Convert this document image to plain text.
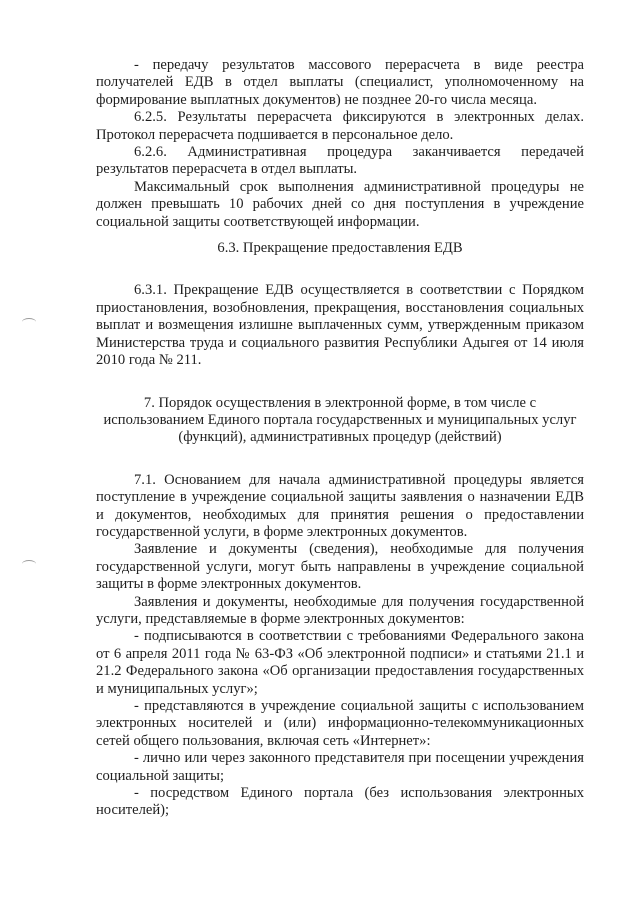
- передачу результатов массового перерасчета в виде реестра получателей ЕДВ в отдел выплаты (специалист, уполномоченному на формирование выплатных документов) не позднее 20-го числа месяца.

6.2.5. Результаты перерасчета фиксируются в электронных делах. Протокол перерасчета подшивается в персональное дело.

6.2.6. Административная процедура заканчивается передачей результатов перерасчета в отдел выплаты.

Максимальный срок выполнения административной процедуры не должен превышать 10 рабочих дней со дня поступления в учреждение социальной защиты соответствующей информации.

6.3. Прекращение предоставления ЕДВ

6.3.1. Прекращение ЕДВ осуществляется в соответствии с Порядком приостановления, возобновления, прекращения, восстановления социальных выплат и возмещения излишне выплаченных сумм, утвержденным приказом Министерства труда и социального развития Республики Адыгея от 14 июля 2010 года № 211.

7. Порядок осуществления в электронной форме, в том числе с использованием Единого портала государственных и муниципальных услуг (функций), административных процедур (действий)

7.1. Основанием для начала административной процедуры является поступление в учреждение социальной защиты заявления о назначении ЕДВ и документов, необходимых для принятия решения о предоставлении государственной услуги, в форме электронных документов.

Заявление и документы (сведения), необходимые для получения государственной услуги, могут быть направлены в учреждение социальной защиты в форме электронных документов.

Заявления и документы, необходимые для получения государственной услуги, представляемые в форме электронных документов:

- подписываются в соответствии с требованиями Федерального закона от 6 апреля 2011 года № 63-ФЗ «Об электронной подписи» и статьями 21.1 и 21.2 Федерального закона «Об организации предоставления государственных и муниципальных услуг»;

- представляются в учреждение социальной защиты с использованием электронных носителей и (или) информационно-телекоммуникационных сетей общего пользования, включая сеть «Интернет»:

- лично или через законного представителя при посещении учреждения социальной защиты;

- посредством Единого портала (без использования электронных носителей);
